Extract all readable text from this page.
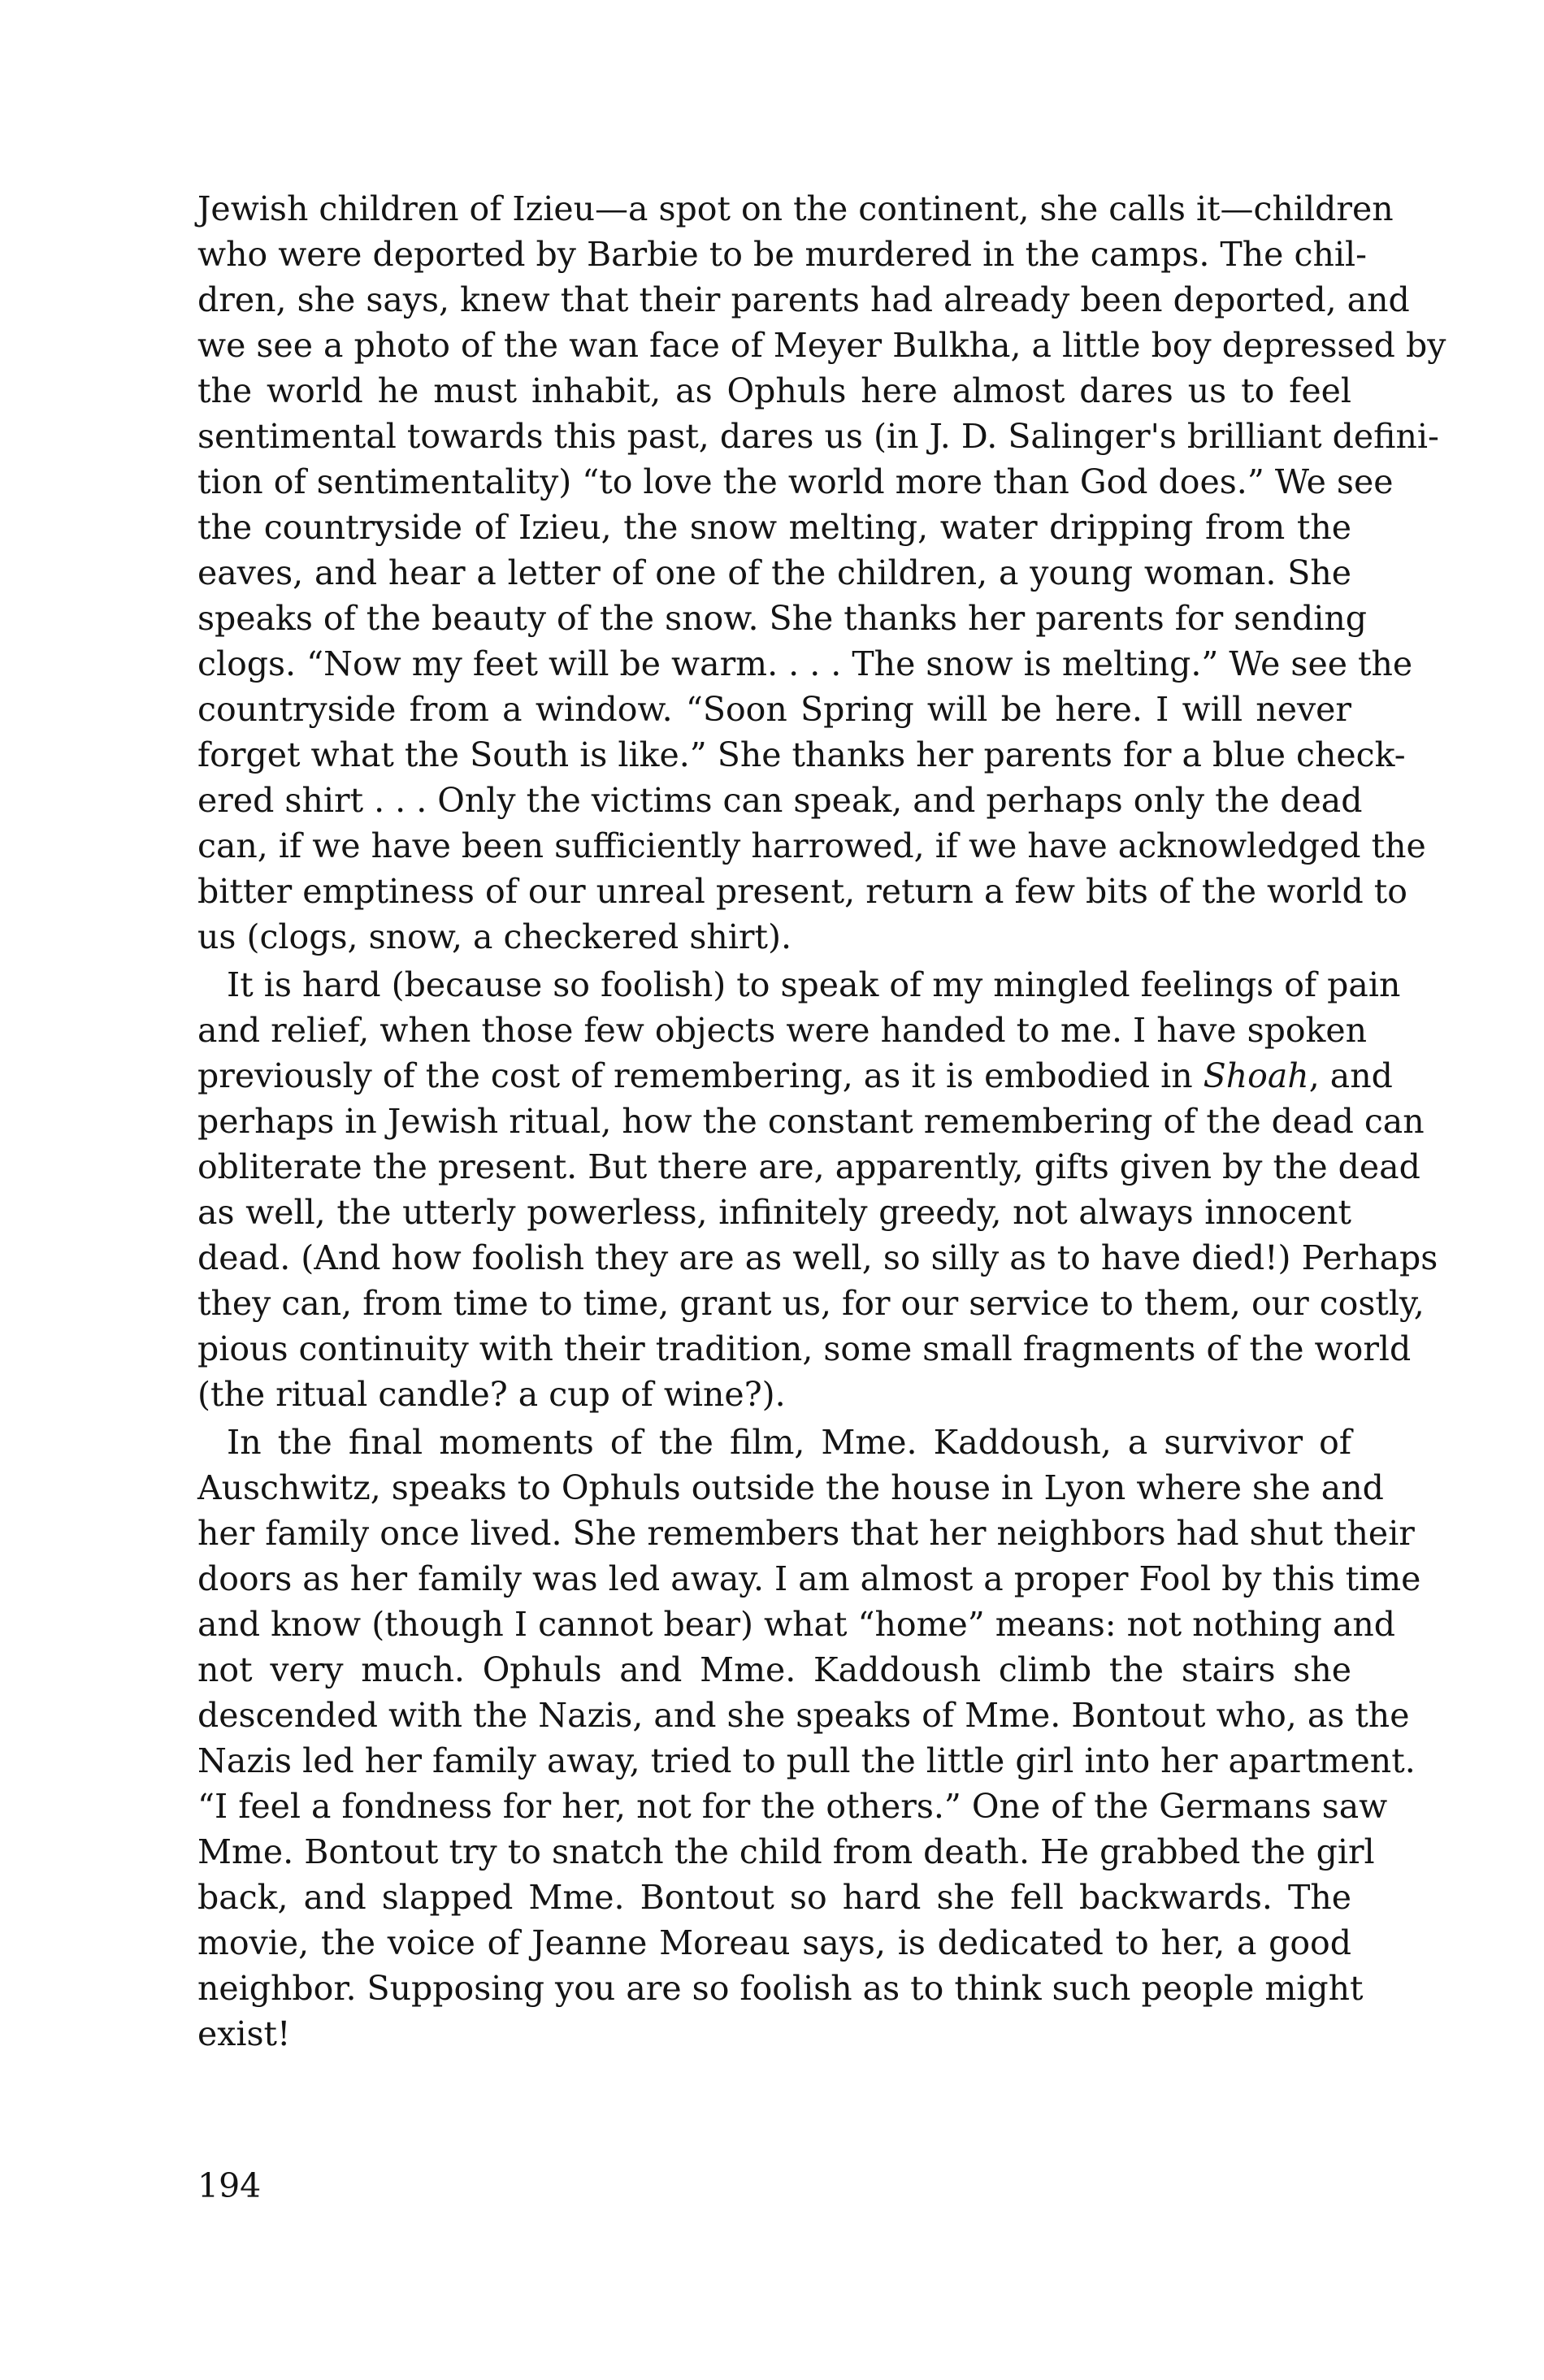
Jewish children of Izieu—a spot on the continent, she calls it—children
who were deported by Barbie to be murdered in the camps. The chil-
dren, she says, knew that their parents had already been deported, and
we see a photo of the wan face of Meyer Bulkha, a little boy depressed by
the world he must inhabit, as Ophuls here almost dares us to feel
sentimental towards this past, dares us (in J. D. Salinger's brilliant defini-
tion of sentimentality) “to love the world more than God does.” We see
the countryside of Izieu, the snow melting, water dripping from the
eaves, and hear a letter of one of the children, a young woman. She
speaks of the beauty of the snow. She thanks her parents for sending
clogs. “Now my feet will be warm. . . . The snow is melting.” We see the
countryside from a window. “Soon Spring will be here. I will never
forget what the South is like.” She thanks her parents for a blue check-
ered shirt . . . Only the victims can speak, and perhaps only the dead
can, if we have been sufficiently harrowed, if we have acknowledged the
bitter emptiness of our unreal present, return a few bits of the world to
us (clogs, snow, a checkered shirt).
It is hard (because so foolish) to speak of my mingled feelings of pain
and relief, when those few objects were handed to me. I have spoken
previously of the cost of remembering, as it is embodied in Shoah, and
perhaps in Jewish ritual, how the constant remembering of the dead can
obliterate the present. But there are, apparently, gifts given by the dead
as well, the utterly powerless, infinitely greedy, not always innocent
dead. (And how foolish they are as well, so silly as to have died!) Perhaps
they can, from time to time, grant us, for our service to them, our costly,
pious continuity with their tradition, some small fragments of the world
(the ritual candle? a cup of wine?).
In the final moments of the film, Mme. Kaddoush, a survivor of
Auschwitz, speaks to Ophuls outside the house in Lyon where she and
her family once lived. She remembers that her neighbors had shut their
doors as her family was led away. I am almost a proper Fool by this time
and know (though I cannot bear) what “home” means: not nothing and
not very much. Ophuls and Mme. Kaddoush climb the stairs she
descended with the Nazis, and she speaks of Mme. Bontout who, as the
Nazis led her family away, tried to pull the little girl into her apartment.
“I feel a fondness for her, not for the others.” One of the Germans saw
Mme. Bontout try to snatch the child from death. He grabbed the girl
back, and slapped Mme. Bontout so hard she fell backwards. The
movie, the voice of Jeanne Moreau says, is dedicated to her, a good
neighbor. Supposing you are so foolish as to think such people might
exist!
194
